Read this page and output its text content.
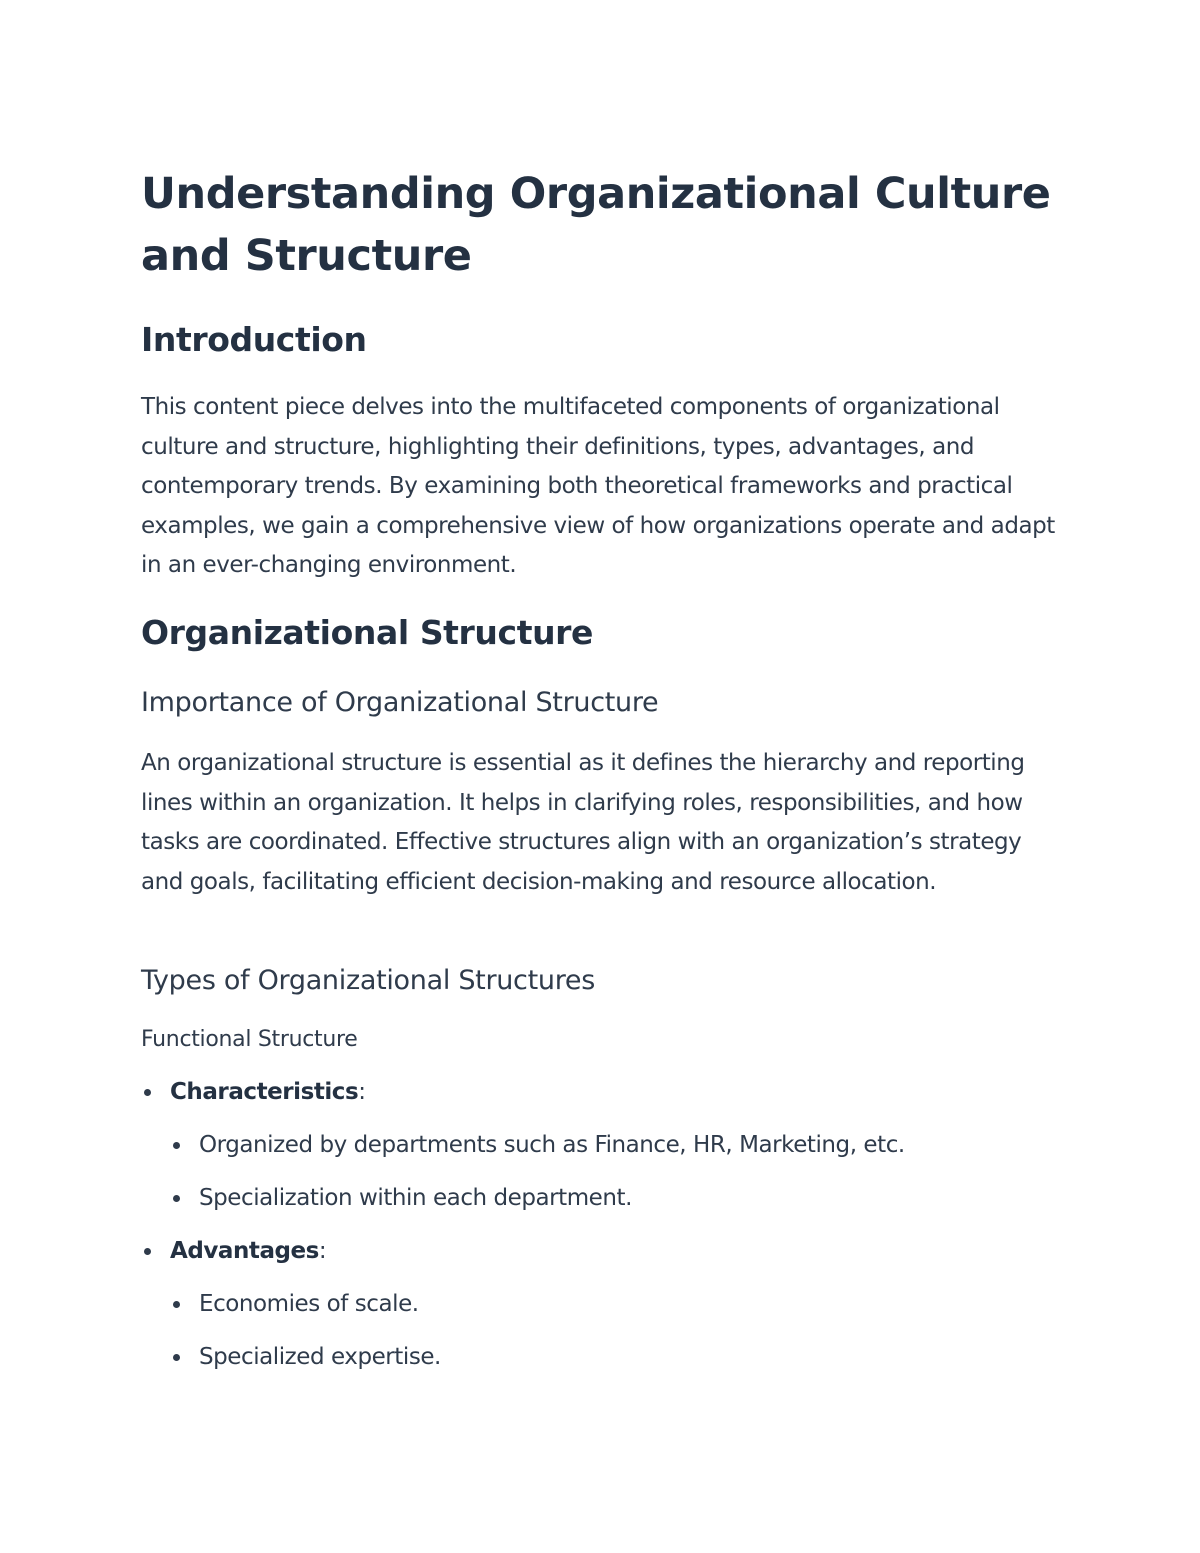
Understanding Organizational Culture and Structure
Introduction

This content piece delves into the multifaceted components of organizational culture and structure, highlighting their definitions, types, advantages, and contemporary trends. By examining both theoretical frameworks and practical examples, we gain a comprehensive view of how organizations operate and adapt in an ever-changing environment.

Organizational Structure
Importance of Organizational Structure

An organizational structure is essential as it defines the hierarchy and reporting lines within an organization. It helps in clarifying roles, responsibilities, and how tasks are coordinated. Effective structures align with an organization’s strategy and goals, facilitating efficient decision-making and resource allocation.

Types of Organizational Structures
Functional Structure
Characteristics:
Organized by departments such as Finance, HR, Marketing, etc.
Specialization within each department.
Advantages:
Economies of scale.
Specialized expertise.
